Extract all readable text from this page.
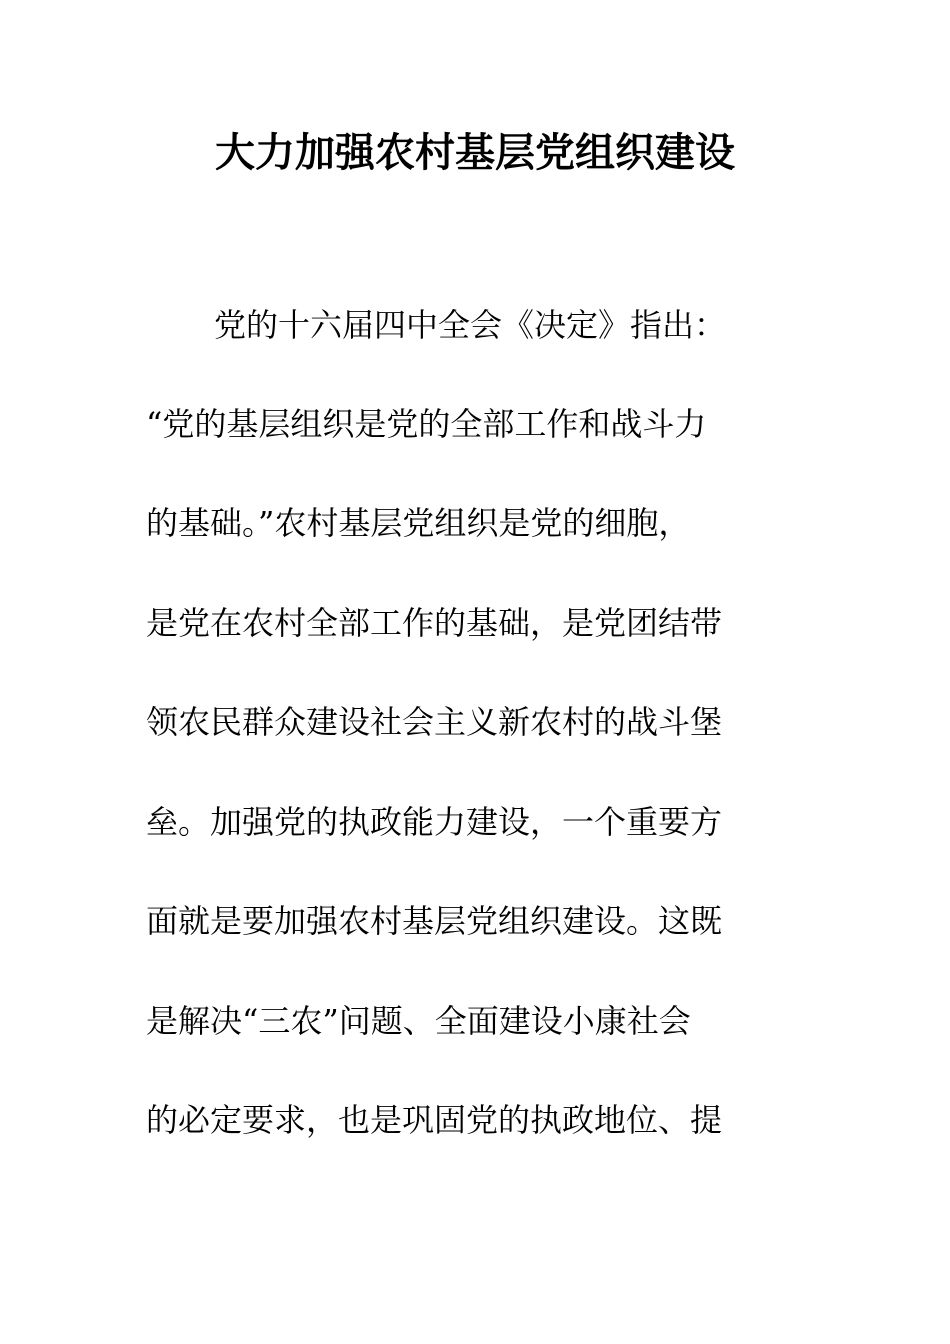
大力加强农村基层党组织建设
党的十六届四中全会《决定》指出：
“党的基层组织是党的全部工作和战斗力
的基础。”农村基层党组织是党的细胞，
是党在农村全部工作的基础，是党团结带
领农民群众建设社会主义新农村的战斗堡
垒。加强党的执政能力建设，一个重要方
面就是要加强农村基层党组织建设。这既
是解决“三农”问题、全面建设小康社会
的必定要求，也是巩固党的执政地位、提
